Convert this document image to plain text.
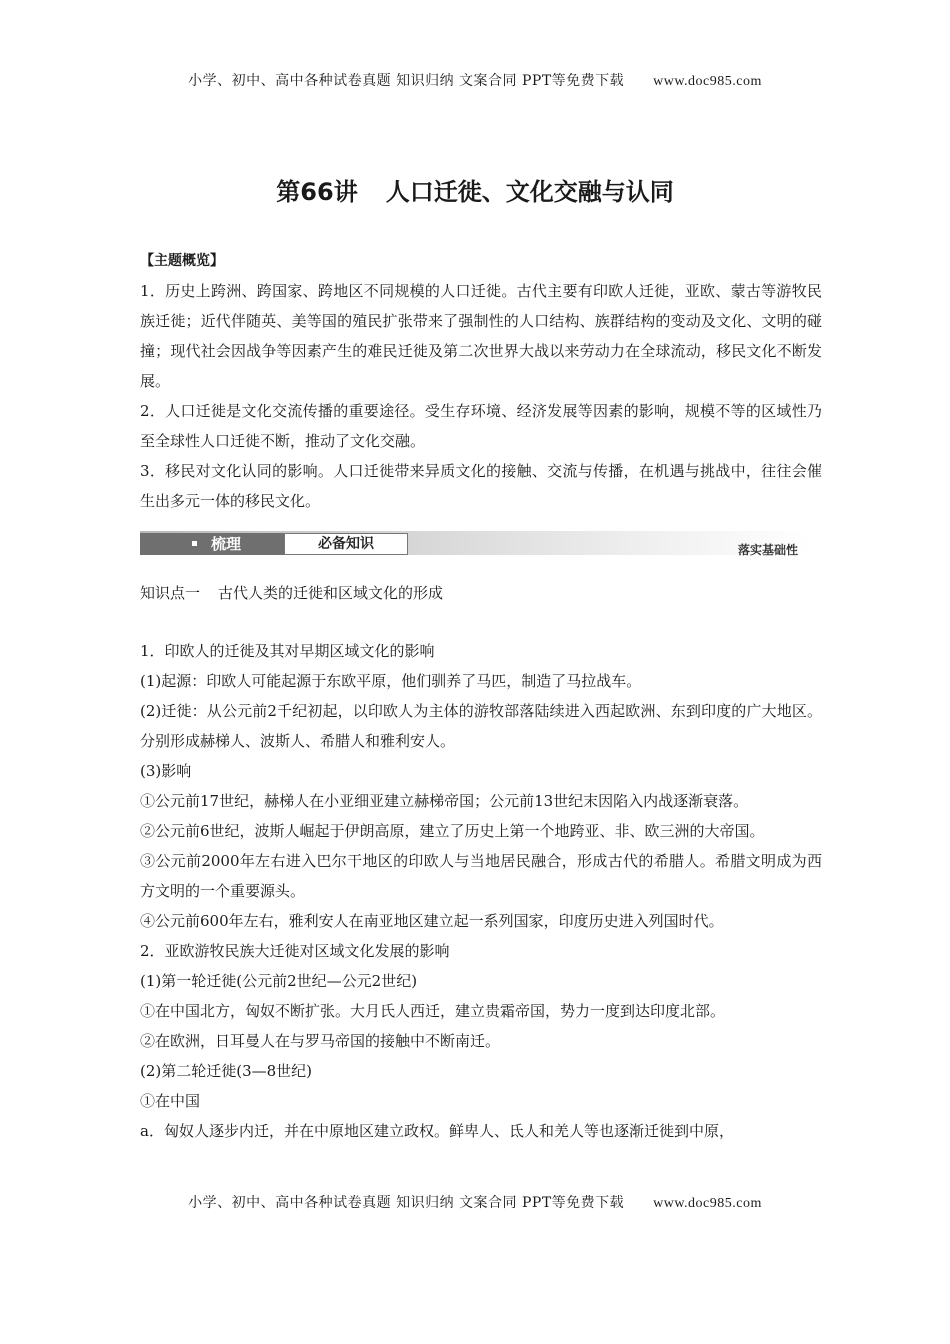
小学、初中、高中各种试卷真题 知识归纳 文案合同 PPT等免费下载 www.doc985.com
第66讲 人口迁徙、文化交融与认同
【主题概览】

1．历史上跨洲、跨国家、跨地区不同规模的人口迁徙。古代主要有印欧人迁徙，亚欧、蒙古等游牧民族迁徙；近代伴随英、美等国的殖民扩张带来了强制性的人口结构、族群结构的变动及文化、文明的碰撞；现代社会因战争等因素产生的难民迁徙及第二次世界大战以来劳动力在全球流动，移民文化不断发展。

2．人口迁徙是文化交流传播的重要途径。受生存环境、经济发展等因素的影响，规模不等的区域性乃至全球性人口迁徙不断，推动了文化交融。

3．移民对文化认同的影响。人口迁徙带来异质文化的接触、交流与传播，在机遇与挑战中，往往会催生出多元一体的移民文化。

梳理	必备知识	落实基础性
知识点一 古代人类的迁徙和区域文化的形成

1．印欧人的迁徙及其对早期区域文化的影响

(1)起源：印欧人可能起源于东欧平原，他们驯养了马匹，制造了马拉战车。

(2)迁徙：从公元前2千纪初起，以印欧人为主体的游牧部落陆续进入西起欧洲、东到印度的广大地区。分别形成赫梯人、波斯人、希腊人和雅利安人。

(3)影响

①公元前17世纪，赫梯人在小亚细亚建立赫梯帝国；公元前13世纪末因陷入内战逐渐衰落。

②公元前6世纪，波斯人崛起于伊朗高原，建立了历史上第一个地跨亚、非、欧三洲的大帝国。

③公元前2000年左右进入巴尔干地区的印欧人与当地居民融合，形成古代的希腊人。希腊文明成为西方文明的一个重要源头。

④公元前600年左右，雅利安人在南亚地区建立起一系列国家，印度历史进入列国时代。

2．亚欧游牧民族大迁徙对区域文化发展的影响

(1)第一轮迁徙(公元前2世纪—公元2世纪)

①在中国北方，匈奴不断扩张。大月氏人西迁，建立贵霜帝国，势力一度到达印度北部。

②在欧洲，日耳曼人在与罗马帝国的接触中不断南迁。

(2)第二轮迁徙(3—8世纪)

①在中国

a．匈奴人逐步内迁，并在中原地区建立政权。鲜卑人、氐人和羌人等也逐渐迁徙到中原，

小学、初中、高中各种试卷真题 知识归纳 文案合同 PPT等免费下载 www.doc985.com
